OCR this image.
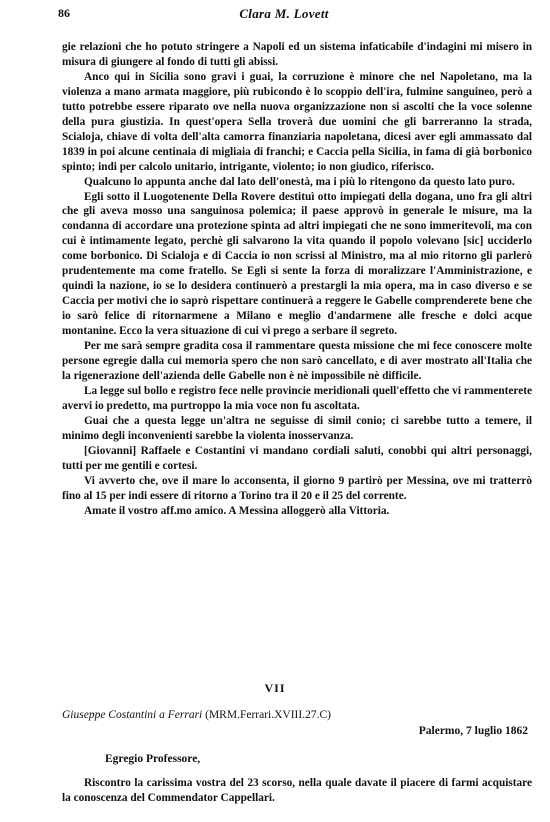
86	Clara M. Lovett

gie relazioni che ho potuto stringere a Napoli ed un sistema infaticabile d'indagini mi misero in misura di giungere al fondo di tutti gli abissi.

Anco qui in Sicilia sono gravi i guai, la corruzione è minore che nel Napoletano, ma la violenza a mano armata maggiore, più rubicondo è lo scoppio dell'ira, fulmine sanguineo, però a tutto potrebbe essere riparato ove nella nuova organizzazione non si ascolti che la voce solenne della pura giustizia. In quest'opera Sella troverà due uomini che gli barreranno la strada, Scialoja, chiave di volta dell'alta camorra finanziaria napoletana, dicesi aver egli ammassato dal 1839 in poi alcune centinaia di migliaia di franchi; e Caccia pella Sicilia, in fama di già borbonico spinto; indi per calcolo unitario, intrigante, violento; io non giudico, riferisco.

Qualcuno lo appunta anche dal lato dell'onestà, ma i più lo ritengono da questo lato puro.

Egli sotto il Luogotenente Della Rovere destituì otto impiegati della dogana, uno fra gli altri che gli aveva mosso una sanguinosa polemica; il paese approvò in generale le misure, ma la condanna di accordare una protezione spinta ad altri impiegati che ne sono immeritevoli, ma con cui è intimamente legato, perchè gli salvarono la vita quando il popolo volevano [sic] ucciderlo come borbonico. Di Scialoja e di Caccia io non scrissi al Ministro, ma al mio ritorno gli parlerò prudentemente ma come fratello. Se Egli si sente la forza di moralizzare l'Amministrazione, e quindi la nazione, io se lo desidera continuerò a prestargli la mia opera, ma in caso diverso e se Caccia per motivi che io saprò rispettare continuerà a reggere le Gabelle comprenderete bene che io sarò felice di ritornarmene a Milano e meglio d'andarmene alle fresche e dolci acque montanine. Ecco la vera situazione di cui vi prego a serbare il segreto.

Per me sarà sempre gradita cosa il rammentare questa missione che mi fece conoscere molte persone egregie dalla cui memoria spero che non sarò cancellato, e di aver mostrato all'Italia che la rigenerazione dell'azienda delle Gabelle non è nè impossibile nè difficile.

La legge sul bollo e registro fece nelle provincie meridionali quell'effetto che vi rammenterete avervi io predetto, ma purtroppo la mia voce non fu ascoltata.

Guai che a questa legge un'altra ne seguisse di simil conio; ci sarebbe tutto a temere, il minimo degli inconvenienti sarebbe la violenta inosservanza.

[Giovanni] Raffaele e Costantini vi mandano cordiali saluti, conobbi qui altri personaggi, tutti per me gentili e cortesi.

Vi avverto che, ove il mare lo acconsenta, il giorno 9 partirò per Messina, ove mi tratterrò fino al 15 per indi essere di ritorno a Torino tra il 20 e il 25 del corrente.

Amate il vostro aff.mo amico. A Messina alloggerò alla Vittoria.

VII
Giuseppe Costantini a Ferrari (MRM.Ferrari.XVIII.27.C)
Palermo, 7 luglio 1862
Egregio Professore,

Riscontro la carissima vostra del 23 scorso, nella quale davate il piacere di farmi acquistare la conoscenza del Commendator Cappellari.
